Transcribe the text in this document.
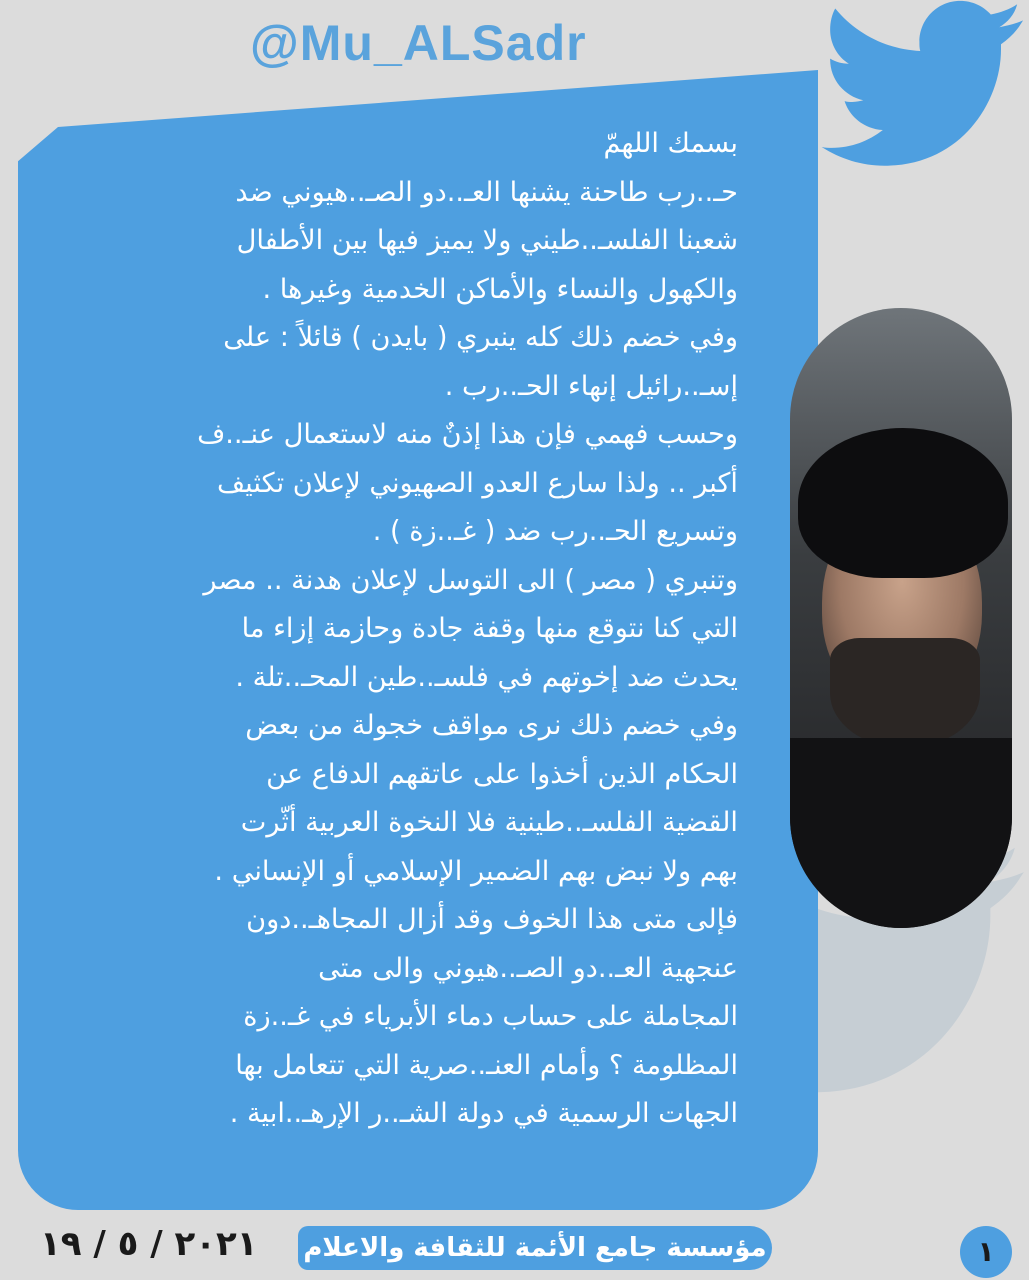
@Mu_ALSadr
بسمك اللهمّ
حـ..رب طاحنة يشنها العـ..دو الصـ..هيوني ضد
شعبنا الفلسـ..طيني ولا يميز فيها بين الأطفال
والكهول والنساء والأماكن الخدمية وغيرها .
وفي خضم ذلك كله ينبري ( بايدن ) قائلاً : على
إسـ..رائيل إنهاء الحـ..رب .
وحسب فهمي فإن هذا إذنٌ منه لاستعمال عنـ..ف
أكبر .. ولذا سارع العدو الصهيوني لإعلان تكثيف
وتسريع الحـ..رب ضد ( غـ..زة ) .
وتنبري ( مصر ) الى التوسل لإعلان هدنة .. مصر
التي كنا نتوقع منها وقفة جادة وحازمة إزاء ما
يحدث ضد إخوتهم في فلسـ..طين المحـ..تلة .
وفي خضم ذلك نرى مواقف خجولة من بعض
الحكام الذين أخذوا على عاتقهم الدفاع عن
القضية الفلسـ..طينية فلا النخوة العربية أثّرت
بهم ولا نبض بهم الضمير الإسلامي أو الإنساني .
فإلى متى هذا الخوف وقد أزال المجاهـ..دون
عنجهية العـ..دو الصـ..هيوني والى متى
المجاملة على حساب دماء الأبرياء في غـ..زة
المظلومة ؟ وأمام العنـ..صرية التي تتعامل بها
الجهات الرسمية في دولة الشـ..ر الإرهـ..ابية .
٢٠٢١ / ٥ / ١٩	مؤسسة جامع الأئمة للثقافة والاعلام	١
